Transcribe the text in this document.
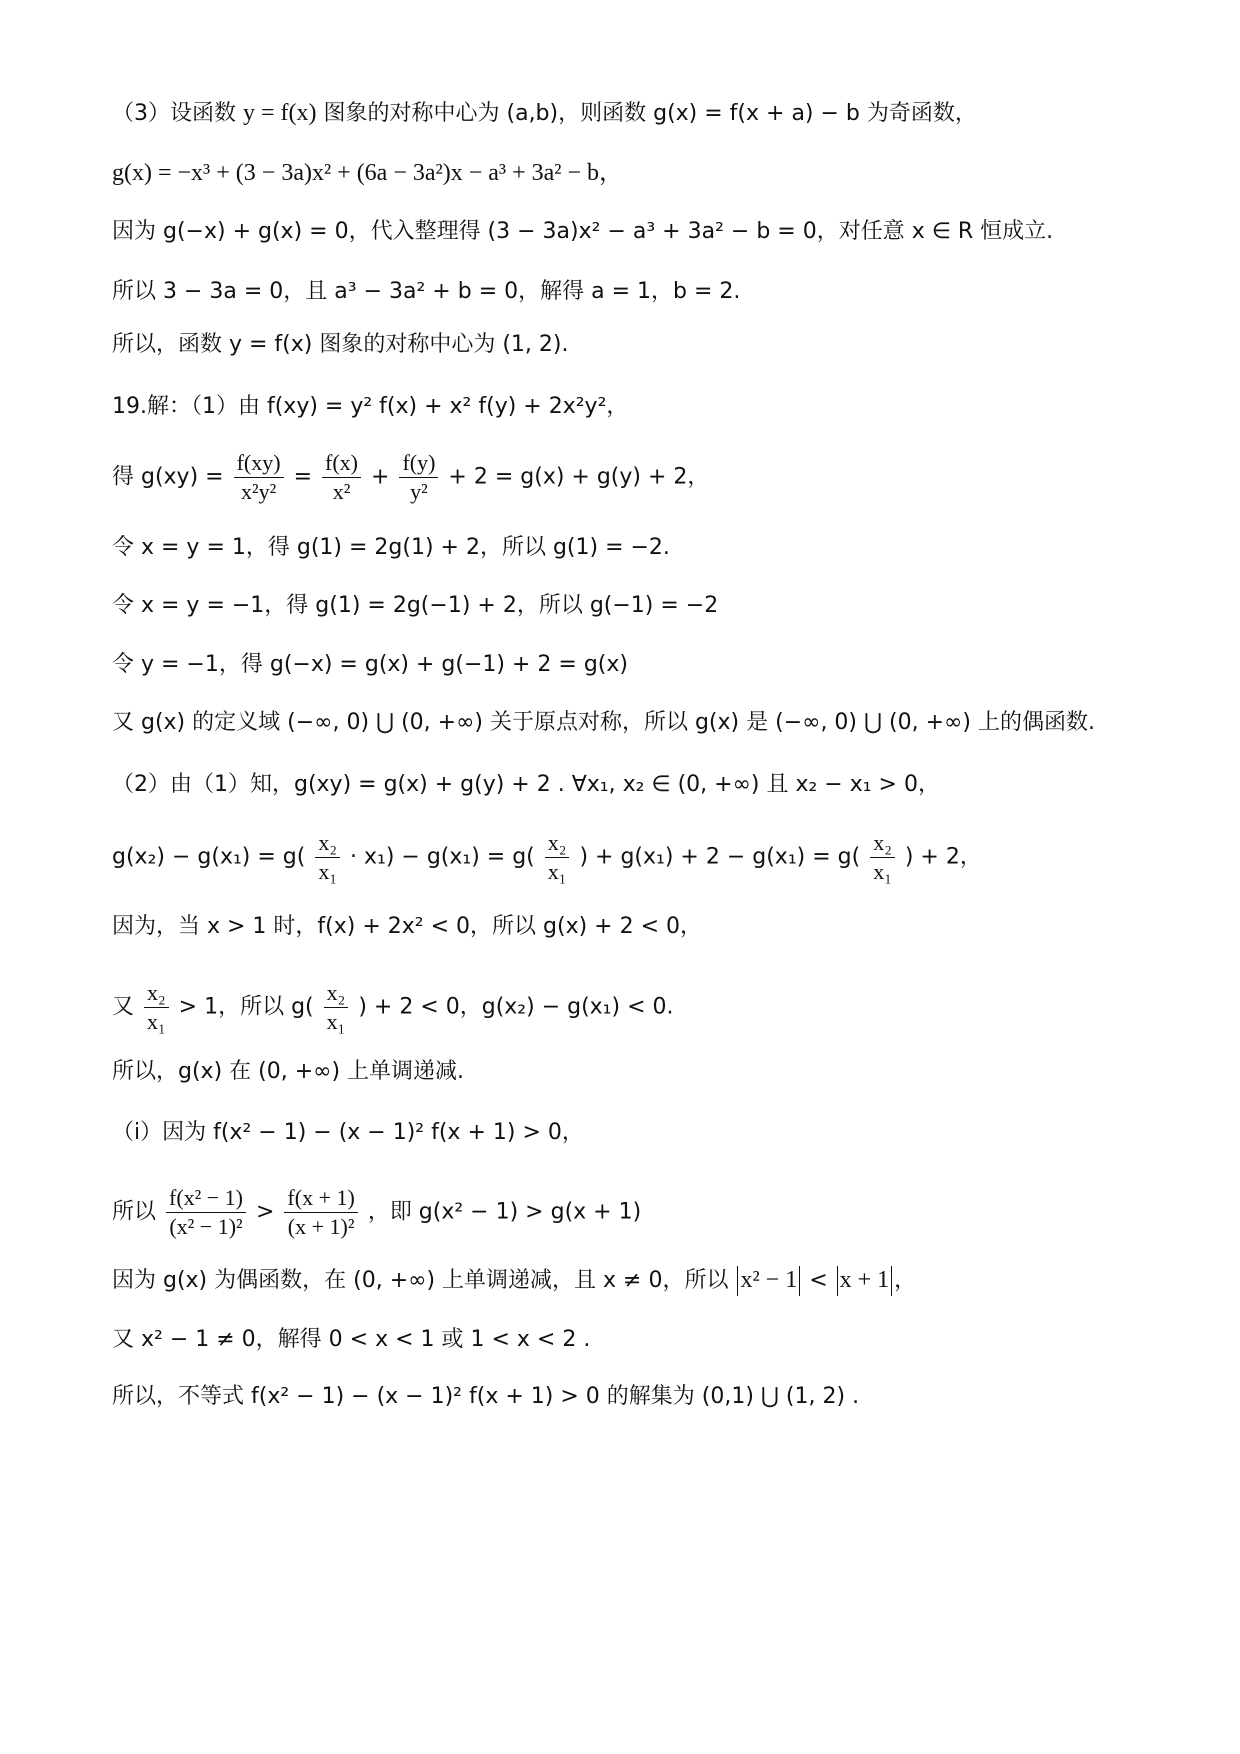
（3）设函数 y = f(x) 图象的对称中心为 (a,b)，则函数 g(x) = f(x + a) − b 为奇函数，
g(x) = −x³ + (3 − 3a)x² + (6a − 3a²)x − a³ + 3a² − b，
因为 g(−x) + g(x) = 0，代入整理得 (3 − 3a)x² − a³ + 3a² − b = 0，对任意 x ∈ R 恒成立.
所以 3 − 3a = 0，且 a³ − 3a² + b = 0，解得 a = 1，b = 2.
所以，函数 y = f(x) 图象的对称中心为 (1, 2).
19.解：（1）由 f(xy) = y² f(x) + x² f(y) + 2x²y²，
得 $g(xy) = \frac{f(xy)}{\text{x²y²}} = \frac{f(x)}{\text{x²}} + \frac{f(y)}{\text{y²}} + 2 = g(x) + g(y) + 2$，
令 x = y = 1，得 g(1) = 2g(1) + 2，所以 g(1) = −2.
令 x = y = −1，得 g(1) = 2g(−1) + 2，所以 g(−1) = −2
令 y = −1，得 g(−x) = g(x) + g(−1) + 2 = g(x)
又 g(x) 的定义域 (−∞, 0) ⋃ (0, +∞) 关于原点对称，所以 g(x) 是 (−∞, 0) ⋃ (0, +∞) 上的偶函数.
（2）由（1）知，g(xy) = g(x) + g(y) + 2 . ∀x₁, x₂ ∈ (0, +∞) 且 x₂ − x₁ > 0，
$g(x_2) - g(x_1) = g( \frac{\text{x₂}}{\text{x₁}} \cdot x_1) - g(x_1) = g( \frac{\text{x₂}}{\text{x₁}}$ ) + $g(x_1) + 2 - g(x_1) = g( \frac{\text{x₂}}{\text{x₁}}$ ) + 2，
因为，当 x > 1 时，f(x) + 2x² < 0，所以 g(x) + 2 < 0，
又 $\frac{\text{x₂}}{\text{x₁}} > 1$，所以 $g( \frac{\text{x₂}}{\text{x₁}}$ ) + 2 < 0，g(x₂) − g(x₁) < 0.
所以，g(x) 在 (0, +∞) 上单调递减.
（i）因为 f(x² − 1) − (x − 1)² f(x + 1) > 0，
所以 $\frac{\text{f(x² − 1)}}{\text{(x² − 1)²}} > \frac{f(x + 1)}{\text{(x + 1)²}}$ ，即 g(x² − 1) > g(x + 1)
因为 g(x) 为偶函数，在 (0, +∞) 上单调递减，且 x ≠ 0，所以 x² − 1 < x + 1 ，
又 x² − 1 ≠ 0，解得 0 < x < 1 或 1 < x < 2 .
所以，不等式 f(x² − 1) − (x − 1)² f(x + 1) > 0 的解集为 (0,1) ⋃ (1, 2) .
